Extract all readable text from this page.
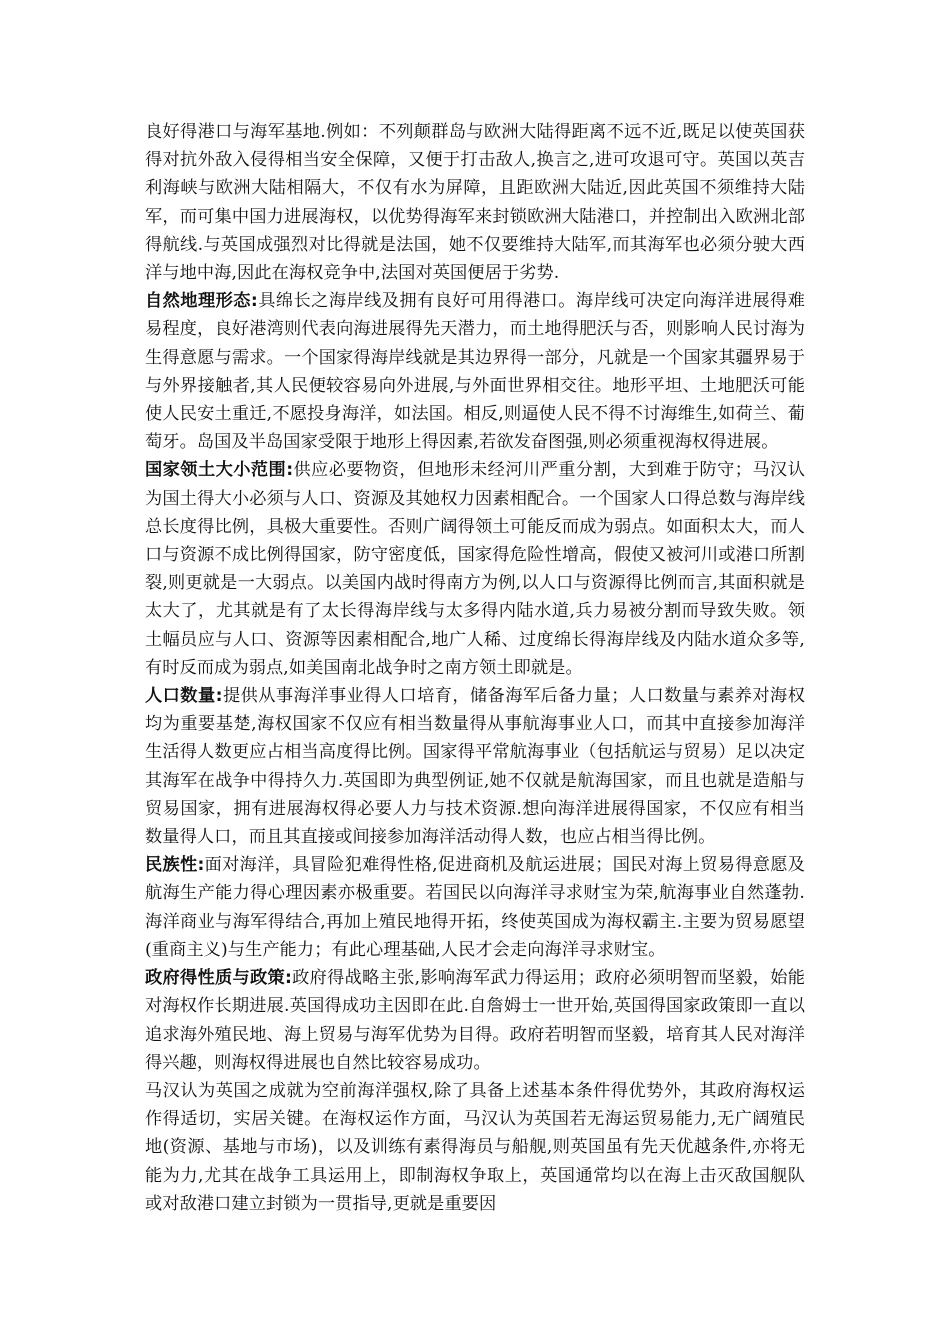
良好得港口与海军基地.例如：不列颠群岛与欧洲大陆得距离不远不近,既足以使英国获得对抗外敌入侵得相当安全保障，又便于打击敌人,换言之,进可攻退可守。英国以英吉利海峡与欧洲大陆相隔大，不仅有水为屏障，且距欧洲大陆近,因此英国不须维持大陆军，而可集中国力进展海权，以优势得海军来封锁欧洲大陆港口，并控制出入欧洲北部得航线.与英国成强烈对比得就是法国，她不仅要维持大陆军,而其海军也必须分驶大西洋与地中海,因此在海权竞争中,法国对英国便居于劣势.

自然地理形态:具绵长之海岸线及拥有良好可用得港口。海岸线可决定向海洋进展得难易程度，良好港湾则代表向海进展得先天潜力，而土地得肥沃与否，则影响人民讨海为生得意愿与需求。一个国家得海岸线就是其边界得一部分，凡就是一个国家其疆界易于与外界接触者,其人民便较容易向外进展,与外面世界相交往。地形平坦、土地肥沃可能使人民安土重迁,不愿投身海洋，如法国。相反,则逼使人民不得不讨海维生,如荷兰、葡萄牙。岛国及半岛国家受限于地形上得因素,若欲发奋图强,则必须重视海权得进展。

国家领土大小范围:供应必要物资，但地形未经河川严重分割，大到难于防守；马汉认为国土得大小必须与人口、资源及其她权力因素相配合。一个国家人口得总数与海岸线总长度得比例，具极大重要性。否则广阔得领土可能反而成为弱点。如面积太大，而人口与资源不成比例得国家，防守密度低，国家得危险性增高，假使又被河川或港口所割裂,则更就是一大弱点。以美国内战时得南方为例,以人口与资源得比例而言,其面积就是太大了，尤其就是有了太长得海岸线与太多得内陆水道,兵力易被分割而导致失败。领土幅员应与人口、资源等因素相配合,地广人稀、过度绵长得海岸线及内陆水道众多等,有时反而成为弱点,如美国南北战争时之南方领土即就是。

人口数量:提供从事海洋事业得人口培育，储备海军后备力量；人口数量与素养对海权均为重要基楚,海权国家不仅应有相当数量得从事航海事业人口，而其中直接参加海洋生活得人数更应占相当高度得比例。国家得平常航海事业（包括航运与贸易）足以决定其海军在战争中得持久力.英国即为典型例证,她不仅就是航海国家，而且也就是造船与贸易国家，拥有进展海权得必要人力与技术资源.想向海洋进展得国家，不仅应有相当数量得人口，而且其直接或间接参加海洋活动得人数，也应占相当得比例。

民族性:面对海洋，具冒险犯难得性格,促进商机及航运进展；国民对海上贸易得意愿及航海生产能力得心理因素亦极重要。若国民以向海洋寻求财宝为荣,航海事业自然蓬勃.海洋商业与海军得结合,再加上殖民地得开拓，终使英国成为海权霸主.主要为贸易愿望(重商主义)与生产能力；有此心理基础,人民才会走向海洋寻求财宝。

政府得性质与政策:政府得战略主张,影响海军武力得运用；政府必须明智而坚毅，始能对海权作长期进展.英国得成功主因即在此.自詹姆士一世开始,英国得国家政策即一直以追求海外殖民地、海上贸易与海军优势为目得。政府若明智而坚毅，培育其人民对海洋得兴趣，则海权得进展也自然比较容易成功。

马汉认为英国之成就为空前海洋强权,除了具备上述基本条件得优势外，其政府海权运作得适切，实居关键。在海权运作方面，马汉认为英国若无海运贸易能力,无广阔殖民地(资源、基地与市场)，以及训练有素得海员与船舰,则英国虽有先天优越条件,亦将无能为力,尤其在战争工具运用上，即制海权争取上，英国通常均以在海上击灭敌国舰队或对敌港口建立封锁为一贯指导,更就是重要因
